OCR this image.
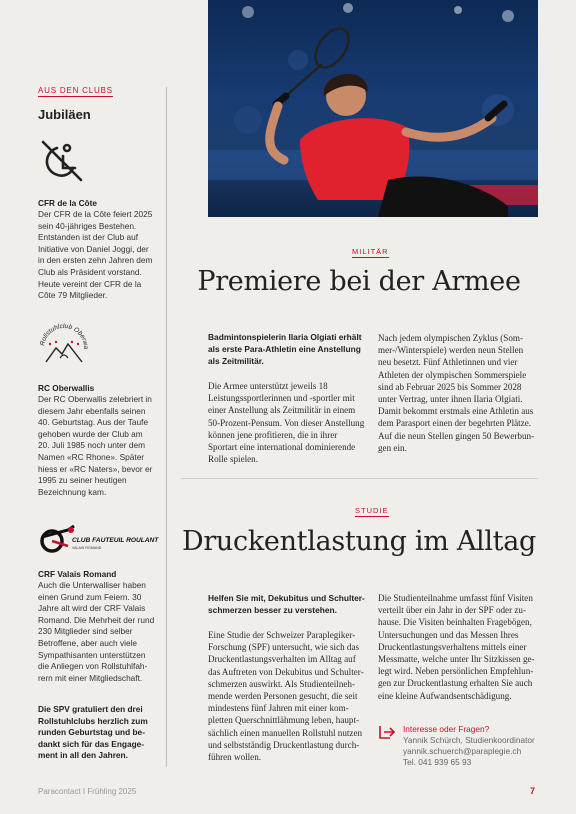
AUS DEN CLUBS
Jubiläen
CFR de la Côte
Der CFR de la Côte feiert 2025 sein 40-jähriges Bestehen. Entstanden ist der Club auf Initiative von Daniel Joggi, der in den ersten zehn Jahren dem Club als Präsident vorstand. Heute vereint der CFR de la Côte 79 Mitglieder.
Rollstuhlclub Oberwa
RC Oberwallis
Der RC Oberwallis zelebriert in diesem Jahr ebenfalls seinen 40. Geburtstag. Aus der Taufe gehoben wurde der Club am 20. Juli 1985 noch unter dem Namen «RC Rhone». Später hiess er «RC Naters», bevor er 1995 zu seiner heutigen Bezeichnung kam.
CLUB FAUTEUIL ROULANT
VALAIS ROMAND
CRF Valais Romand
Auch die Unterwalliser haben einen Grund zum Feiern. 30 Jahre alt wird der CRF Valais Romand. Die Mehrheit der rund 230 Mitglieder sind selber Betroffene, aber auch viele Sympathisanten unterstützen die Anliegen von Rollstuhlfahrern mit einer Mitgliedschaft.
Die SPV gratuliert den drei Rollstuhlclubs herzlich zum runden Geburtstag und bedankt sich für das Engagement in all den Jahren.
MILITÄR
Premiere bei der Armee
Badmintonspielerin Ilaria Olgiati erhält als erste Para-Athletin eine Anstellung als Zeitmilitär.
Die Armee unterstützt jeweils 18 Leistungssportlerinnen und -sportler mit einer Anstellung als Zeitmilitär in einem 50-Prozent-Pensum. Von dieser Anstellung können jene profitieren, die in ihrer Sportart eine international dominierende Rolle spielen.
Nach jedem olympischen Zyklus (Sommer-/Winterspiele) werden neun Stellen neu besetzt. Fünf Athletinnen und vier Athleten der olympischen Sommerspiele sind ab Februar 2025 bis Sommer 2028 unter Vertrag, unter ihnen Ilaria Olgiati. Damit bekommt erstmals eine Athletin aus dem Parasport einen der begehrten Plätze. Auf die neun Stellen gingen 50 Bewerbungen ein.
STUDIE
Druckentlastung im Alltag
Helfen Sie mit, Dekubitus und Schulterschmerzen besser zu verstehen.
Eine Studie der Schweizer Paraplegiker-Forschung (SPF) untersucht, wie sich das Druckentlastungsverhalten im Alltag auf das Auftreten von Dekubitus und Schulterschmerzen auswirkt. Als Studienteilnehmende werden Personen gesucht, die seit mindestens fünf Jahren mit einer kompletten Querschnittlähmung leben, hauptsächlich einen manuellen Rollstuhl nutzen und selbstständig Druckentlastung durchführen wollen.
Die Studienteilnahme umfasst fünf Visiten verteilt über ein Jahr in der SPF oder zuhause. Die Visiten beinhalten Fragebögen, Untersuchungen und das Messen Ihres Druckentlastungsverhaltens mittels einer Messmatte, welche unter Ihr Sitzkissen gelegt wird. Neben persönlichen Empfehlungen zur Druckentlastung erhalten Sie auch eine kleine Aufwandsentschädigung.
Interesse oder Fragen?
Yannik Schürch, Studienkoordinator
yannik.schuerch@paraplegie.ch
Tel. 041 939 65 93
Paracontact I Frühling 2025	7
